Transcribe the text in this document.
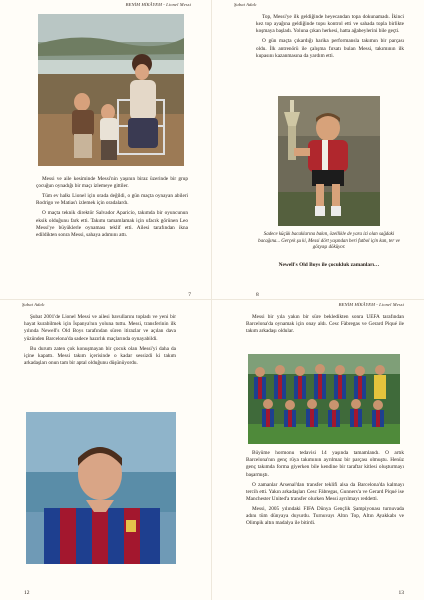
BENİM HİKÂYEM - Lionel Messi

Messi ve aile kesiminde Messi'nin yaşının biraz üzerinde bir grup çocuğun oynadığı bir maçı izlemeye gittiler.

Tüm ev halkı Lionel için orada değildi, o gün maçta oynayan abileri Rodrigo ve Matias'ı izlemek için oradalardı.

O maçta teknik direktör Salvador Aparicio, takımda bir oyuncunun eksik olduğunu fark etti. Takımı tamamlamak için ufacık görünen Leo Messi'ye büyüklerle oynaması teklif etti. Ailesi tarafından ikna edildikten sonra Messi, sahaya adımını attı.

Şubat Adalı

Top, Messi'ye ilk geldiğinde heyecandan topa dokunamadı. İkinci kez top ayağına geldiğinde topu kontrol etti ve sahada topla birlikte koşmaya başladı. Yoluna çıkan herkesi, hatta ağabeylerini bile geçti.

O gün maçta çıkardığı harika performansla takımın bir parçası oldu. İlk antrenörü ile çalışma fırsatı bulan Messi, takımının ilk kupasını kazanmasına da yardım etti.

Sadece küçük bacaklarına bakın, özellikle de yara izi olan sağdaki bacağına... Gerçek şu ki, Messi dört yaşından beri futbol için kan, ter ve gözyaşı döküyor.
Newell's Old Boys ile çocukluk zamanları…
7
Şubat Adalı

Şubat 2001'de Lionel Messi ve ailesi bavullarını topladı ve yeni bir hayat kurabilmek için İspanya'nın yoluna tuttu. Messi, transferinin ilk yılında Newell's Old Boys tarafından süren itirazlar ve açılan dava yüzünden Barcelona'da sadece hazırlık maçlarında oynayabildi.

Bu durum zaten çok konuşmayan bir çocuk olan Messi'yi daha da içine kapattı. Messi takım içerisinde o kadar sessizdi ki takım arkadaşları onun tam bir aptal olduğunu düşünüyordu.

12
8
BENİM HİKÂYEM - Lionel Messi

Messi bir yıla yakın bir süre bekledikten sonra UEFA tarafından Barcelona'da oynamak için onay aldı. Cesc Fàbregas ve Gerard Piqué ile takım arkadaşı oldular.

Büyüme hormonu tedavisi 14 yaşında tamamlandı. O artık Barcelona'nın genç rüya takımının ayrılmaz bir parçası olmuştu. Henüz genç takımda forma giyerken bile kendine bir taraftar kitlesi oluşturmayı başarmıştı.

O zamanlar Arsenal'dan transfer teklifi alsa da Barcelona'da kalmayı tercih etti. Yakın arkadaşları Cesc Fàbregas, Gunners'a ve Gerard Piqué ise Manchester United'a transfer olurken Messi ayrılmayı reddetti.

Messi, 2005 yılındaki FIFA Dünya Gençlik Şampiyonası turnuvada adını tüm dünyaya duyurdu. Turnuvayı Altın Top, Altın Ayakkabı ve Olimpik altın madalya ile bitirdi.

13
